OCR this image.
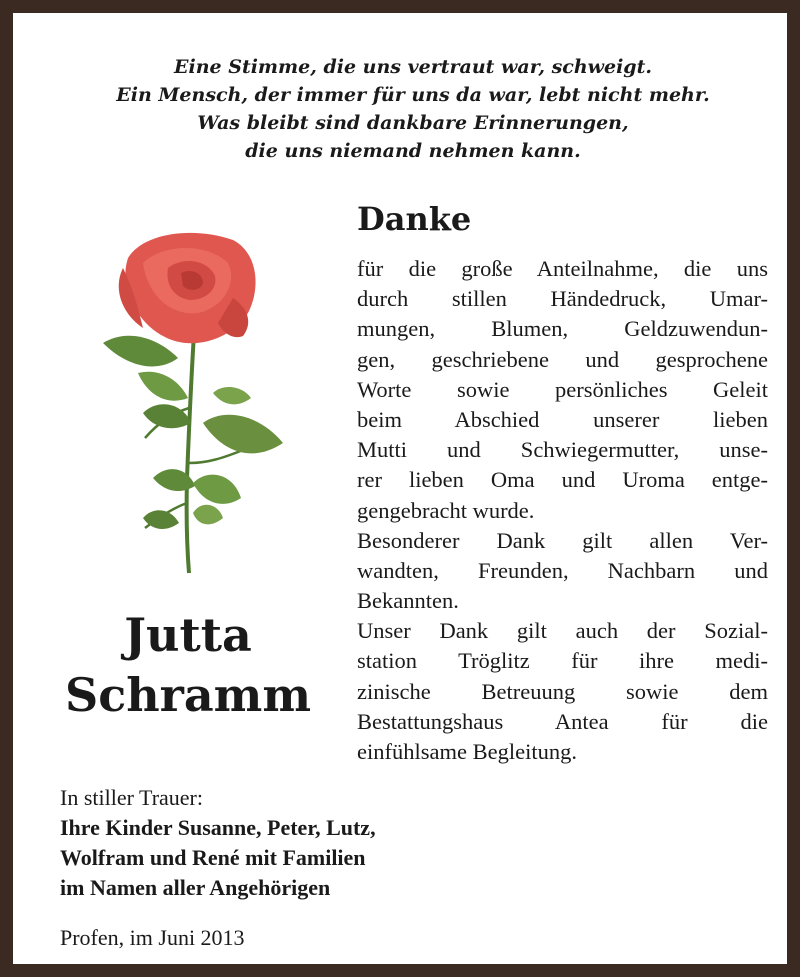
Eine Stimme, die uns vertraut war, schweigt.
Ein Mensch, der immer für uns da war, lebt nicht mehr.
Was bleibt sind dankbare Erinnerungen,
die uns niemand nehmen kann.
Danke
für die große Anteilnahme, die uns
durch stillen Händedruck, Umar-
mungen, Blumen, Geldzuwendun-
gen, geschriebene und gesprochene
Worte sowie persönliches Geleit
beim Abschied unserer lieben
Mutti und Schwiegermutter, unse-
rer lieben Oma und Uroma entge-
gengebracht wurde.
Besonderer Dank gilt allen Ver-
wandten, Freunden, Nachbarn und
Bekannten.
Unser Dank gilt auch der Sozial-
station Tröglitz für ihre medi-
zinische Betreuung sowie dem
Bestattungshaus Antea für die
einfühlsame Begleitung.
Jutta
Schramm
In stiller Trauer:
Ihre Kinder Susanne, Peter, Lutz,
Wolfram und René mit Familien
im Namen aller Angehörigen
Profen, im Juni 2013
